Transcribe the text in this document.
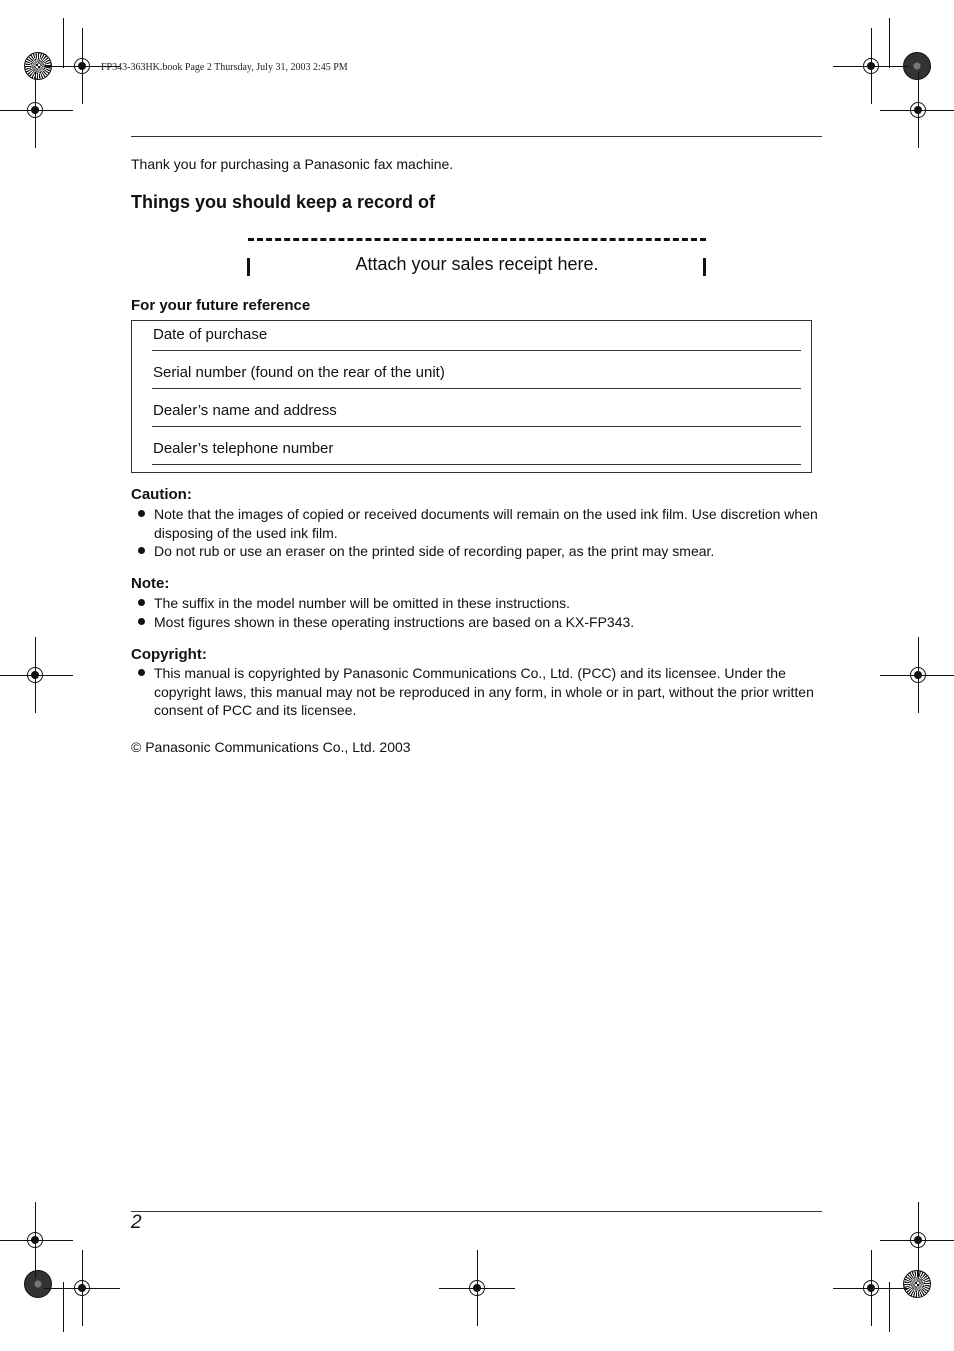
FP343-363HK.book Page 2 Thursday, July 31, 2003 2:45 PM
Thank you for purchasing a Panasonic fax machine.
Things you should keep a record of
Attach your sales receipt here.
For your future reference
Date of purchase
Serial number (found on the rear of the unit)
Dealer’s name and address
Dealer’s telephone number
Caution:
Note that the images of copied or received documents will remain on the used ink film. Use discretion when disposing of the used ink film.
Do not rub or use an eraser on the printed side of recording paper, as the print may smear.
Note:
The suffix in the model number will be omitted in these instructions.
Most figures shown in these operating instructions are based on a KX-FP343.
Copyright:
This manual is copyrighted by Panasonic Communications Co., Ltd. (PCC) and its licensee. Under the copyright laws, this manual may not be reproduced in any form, in whole or in part, without the prior written consent of PCC and its licensee.
© Panasonic Communications Co., Ltd. 2003
2
